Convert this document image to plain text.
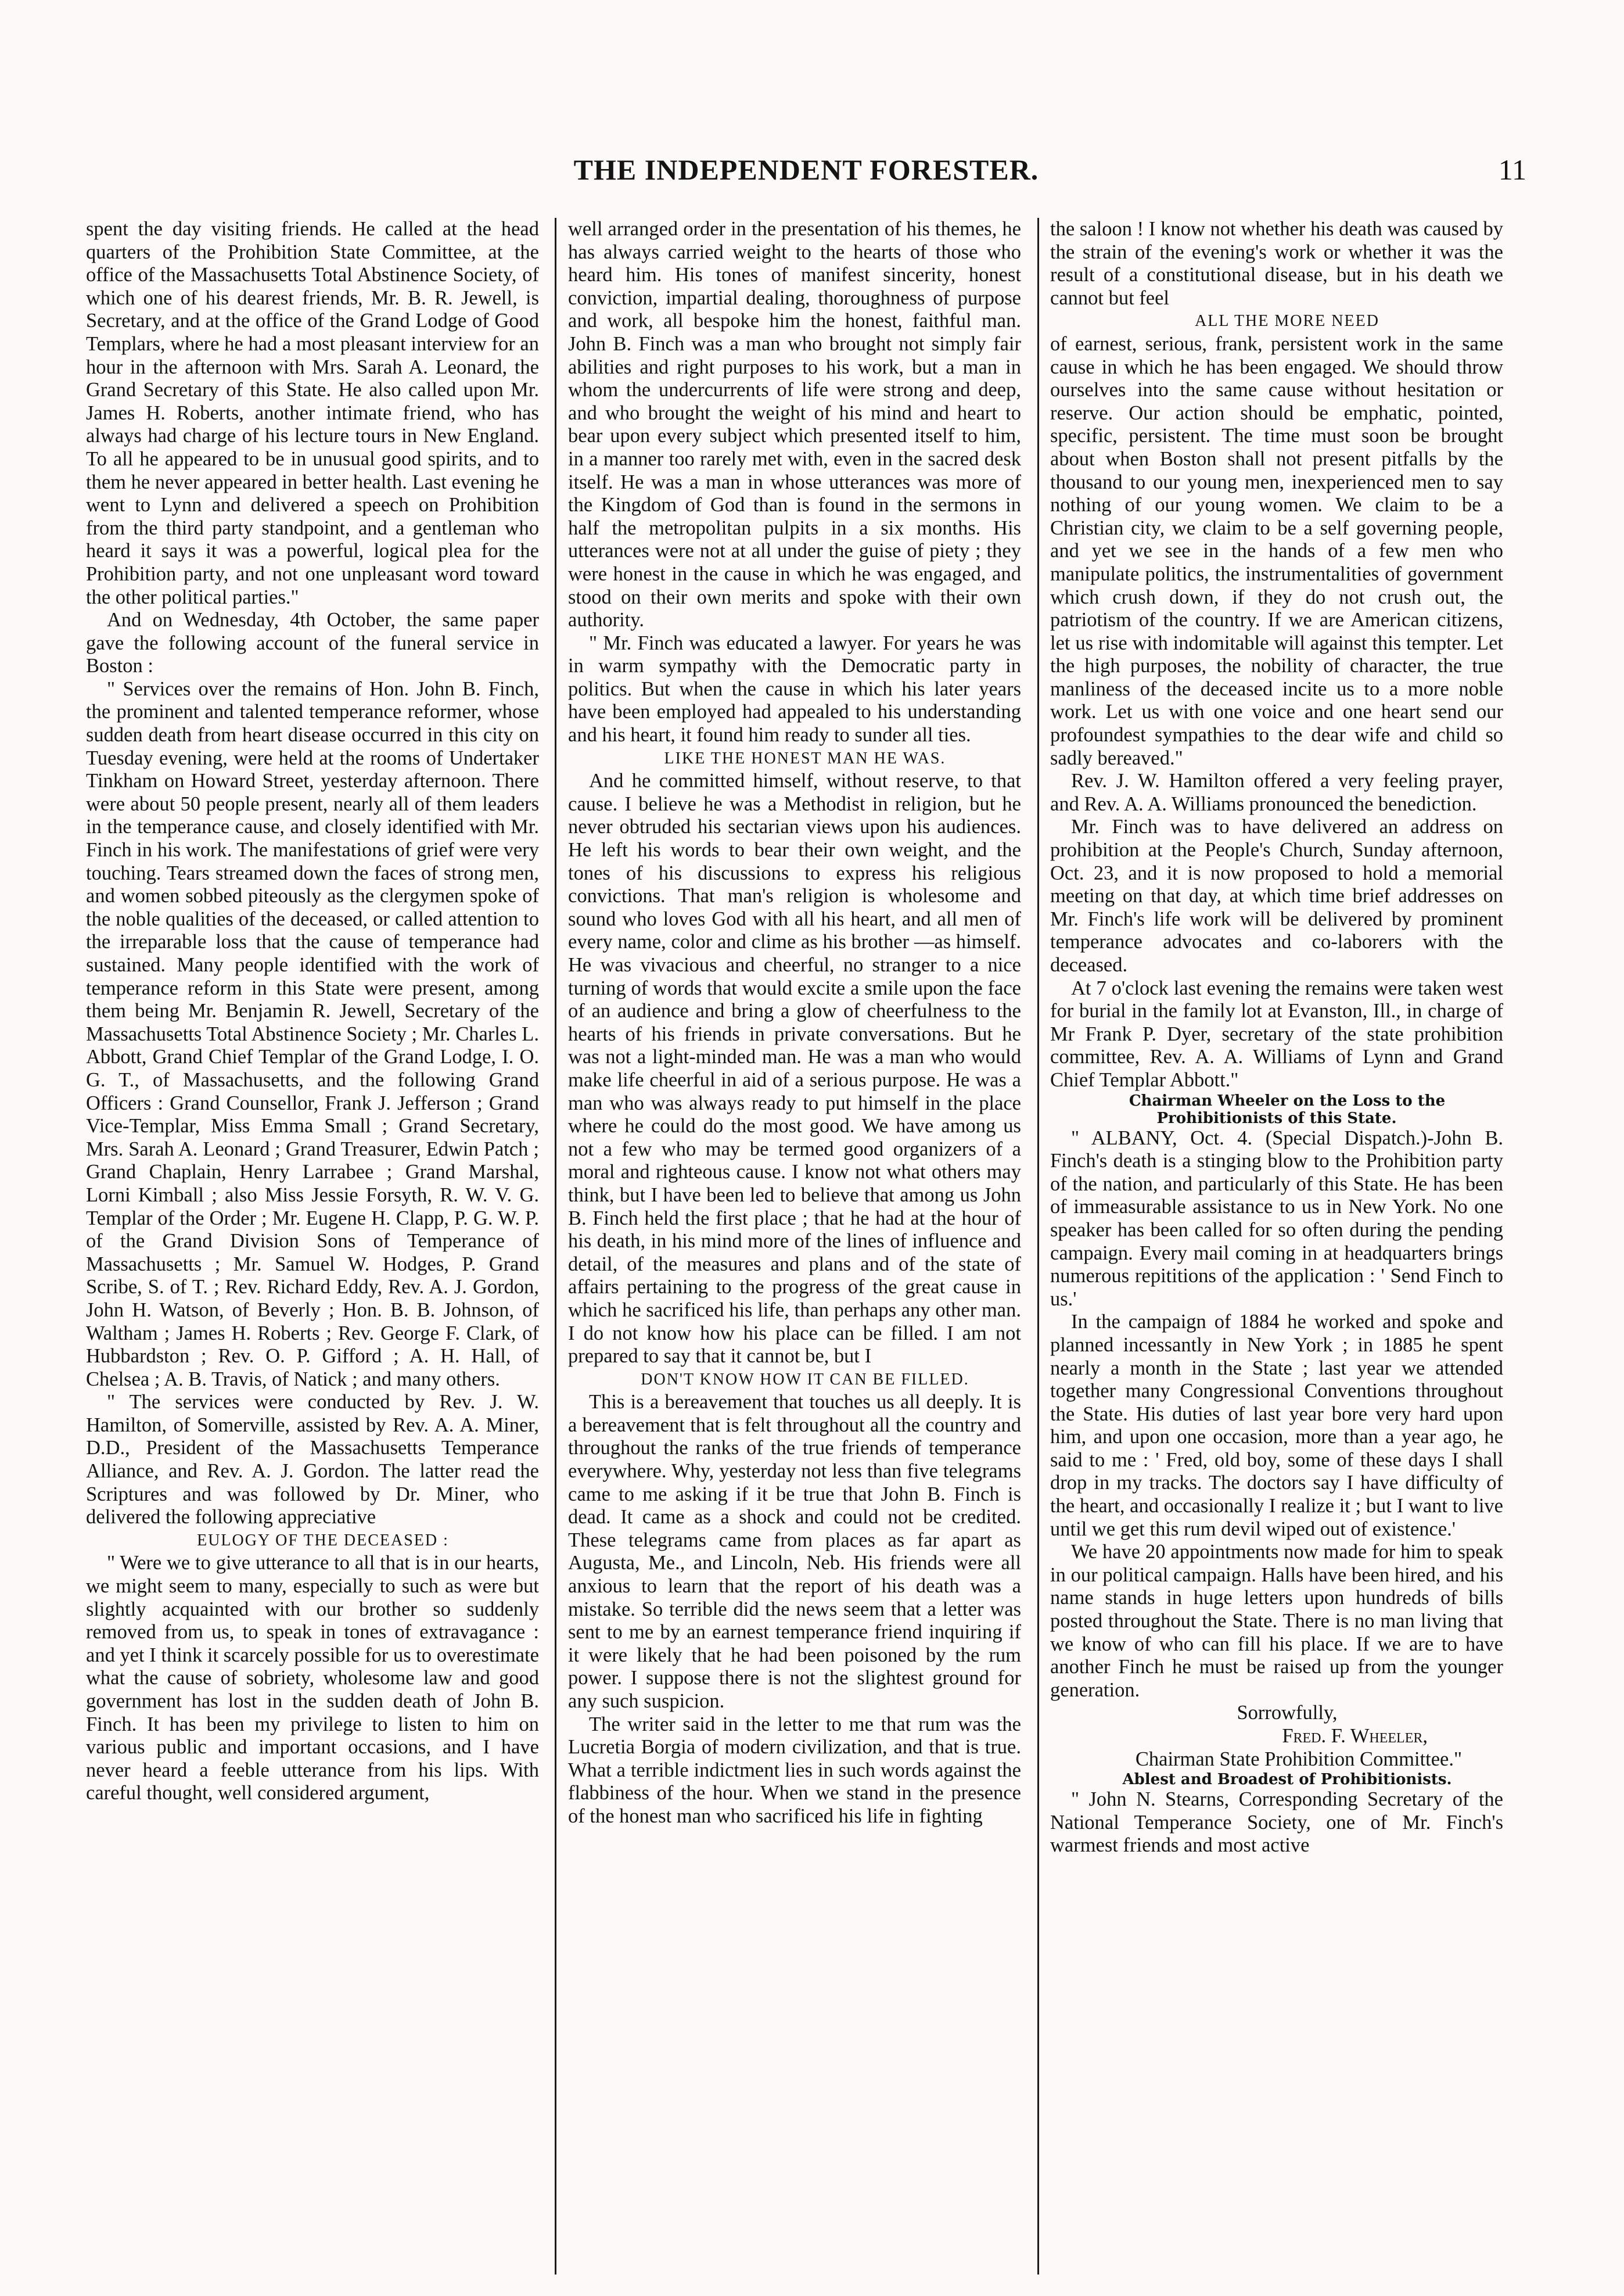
THE INDEPENDENT FORESTER.	11

spent the day visiting friends. He called at the head quarters of the Prohibition State Committee, at the office of the Massachusetts Total Abstinence Society, of which one of his dearest friends, Mr. B. R. Jewell, is Secretary, and at the office of the Grand Lodge of Good Templars, where he had a most pleasant interview for an hour in the afternoon with Mrs. Sarah A. Leonard, the Grand Secretary of this State. He also called upon Mr. James H. Roberts, another intimate friend, who has always had charge of his lecture tours in New England. To all he appeared to be in unusual good spirits, and to them he never appeared in better health. Last evening he went to Lynn and delivered a speech on Prohibition from the third party standpoint, and a gentleman who heard it says it was a powerful, logical plea for the Prohibition party, and not one unpleasant word toward the other political parties."

And on Wednesday, 4th October, the same paper gave the following account of the funeral service in Boston :

" Services over the remains of Hon. John B. Finch, the prominent and talented temperance reformer, whose sudden death from heart disease occurred in this city on Tuesday evening, were held at the rooms of Undertaker Tinkham on Howard Street, yesterday afternoon. There were about 50 people present, nearly all of them leaders in the temperance cause, and closely identified with Mr. Finch in his work. The manifestations of grief were very touching. Tears streamed down the faces of strong men, and women sobbed piteously as the clergymen spoke of the noble qualities of the deceased, or called attention to the irreparable loss that the cause of temperance had sustained. Many people identified with the work of temperance reform in this State were present, among them being Mr. Benjamin R. Jewell, Secretary of the Massachusetts Total Abstinence Society ; Mr. Charles L. Abbott, Grand Chief Templar of the Grand Lodge, I. O. G. T., of Massachusetts, and the following Grand Officers : Grand Counsellor, Frank J. Jefferson ; Grand Vice-Templar, Miss Emma Small ; Grand Secretary, Mrs. Sarah A. Leonard ; Grand Treasurer, Edwin Patch ; Grand Chaplain, Henry Larrabee ; Grand Marshal, Lorni Kimball ; also Miss Jessie Forsyth, R. W. V. G. Templar of the Order ; Mr. Eugene H. Clapp, P. G. W. P. of the Grand Division Sons of Temperance of Massachusetts ; Mr. Samuel W. Hodges, P. Grand Scribe, S. of T. ; Rev. Richard Eddy, Rev. A. J. Gordon, John H. Watson, of Beverly ; Hon. B. B. Johnson, of Waltham ; James H. Roberts ; Rev. George F. Clark, of Hubbardston ; Rev. O. P. Gifford ; A. H. Hall, of Chelsea ; A. B. Travis, of Natick ; and many others.

" The services were conducted by Rev. J. W. Hamilton, of Somerville, assisted by Rev. A. A. Miner, D.D., President of the Massachusetts Temperance Alliance, and Rev. A. J. Gordon. The latter read the Scriptures and was followed by Dr. Miner, who delivered the following appreciative

EULOGY OF THE DECEASED :

" Were we to give utterance to all that is in our hearts, we might seem to many, especially to such as were but slightly acquainted with our brother so suddenly removed from us, to speak in tones of extravagance : and yet I think it scarcely possible for us to overestimate what the cause of sobriety, wholesome law and good government has lost in the sudden death of John B. Finch. It has been my privilege to listen to him on various public and important occasions, and I have never heard a feeble utterance from his lips. With careful thought, well considered argument,

well arranged order in the presentation of his themes, he has always carried weight to the hearts of those who heard him. His tones of manifest sincerity, honest conviction, impartial dealing, thoroughness of purpose and work, all bespoke him the honest, faithful man. John B. Finch was a man who brought not simply fair abilities and right purposes to his work, but a man in whom the undercurrents of life were strong and deep, and who brought the weight of his mind and heart to bear upon every subject which presented itself to him, in a manner too rarely met with, even in the sacred desk itself. He was a man in whose utterances was more of the Kingdom of God than is found in the sermons in half the metropolitan pulpits in a six months. His utterances were not at all under the guise of piety ; they were honest in the cause in which he was engaged, and stood on their own merits and spoke with their own authority.

" Mr. Finch was educated a lawyer. For years he was in warm sympathy with the Democratic party in politics. But when the cause in which his later years have been employed had appealed to his understanding and his heart, it found him ready to sunder all ties.

LIKE THE HONEST MAN HE WAS.

And he committed himself, without reserve, to that cause. I believe he was a Methodist in religion, but he never obtruded his sectarian views upon his audiences. He left his words to bear their own weight, and the tones of his discussions to express his religious convictions. That man's religion is wholesome and sound who loves God with all his heart, and all men of every name, color and clime as his brother —as himself. He was vivacious and cheerful, no stranger to a nice turning of words that would excite a smile upon the face of an audience and bring a glow of cheerfulness to the hearts of his friends in private conversations. But he was not a light-minded man. He was a man who would make life cheerful in aid of a serious purpose. He was a man who was always ready to put himself in the place where he could do the most good. We have among us not a few who may be termed good organizers of a moral and righteous cause. I know not what others may think, but I have been led to believe that among us John B. Finch held the first place ; that he had at the hour of his death, in his mind more of the lines of influence and detail, of the measures and plans and of the state of affairs pertaining to the progress of the great cause in which he sacrificed his life, than perhaps any other man. I do not know how his place can be filled. I am not prepared to say that it cannot be, but I

DON'T KNOW HOW IT CAN BE FILLED.

This is a bereavement that touches us all deeply. It is a bereavement that is felt throughout all the country and throughout the ranks of the true friends of temperance everywhere. Why, yesterday not less than five telegrams came to me asking if it be true that John B. Finch is dead. It came as a shock and could not be credited. These telegrams came from places as far apart as Augusta, Me., and Lincoln, Neb. His friends were all anxious to learn that the report of his death was a mistake. So terrible did the news seem that a letter was sent to me by an earnest temperance friend inquiring if it were likely that he had been poisoned by the rum power. I suppose there is not the slightest ground for any such suspicion.

The writer said in the letter to me that rum was the Lucretia Borgia of modern civilization, and that is true. What a terrible indictment lies in such words against the flabbiness of the hour. When we stand in the presence of the honest man who sacrificed his life in fighting

the saloon ! I know not whether his death was caused by the strain of the evening's work or whether it was the result of a constitutional disease, but in his death we cannot but feel

ALL THE MORE NEED

of earnest, serious, frank, persistent work in the same cause in which he has been engaged. We should throw ourselves into the same cause without hesitation or reserve. Our action should be emphatic, pointed, specific, persistent. The time must soon be brought about when Boston shall not present pitfalls by the thousand to our young men, inexperienced men to say nothing of our young women. We claim to be a Christian city, we claim to be a self governing people, and yet we see in the hands of a few men who manipulate politics, the instrumentalities of government which crush down, if they do not crush out, the patriotism of the country. If we are American citizens, let us rise with indomitable will against this tempter. Let the high purposes, the nobility of character, the true manliness of the deceased incite us to a more noble work. Let us with one voice and one heart send our profoundest sympathies to the dear wife and child so sadly bereaved."

Rev. J. W. Hamilton offered a very feeling prayer, and Rev. A. A. Williams pronounced the benediction.

Mr. Finch was to have delivered an address on prohibition at the People's Church, Sunday afternoon, Oct. 23, and it is now proposed to hold a memorial meeting on that day, at which time brief addresses on Mr. Finch's life work will be delivered by prominent temperance advocates and co-laborers with the deceased.

At 7 o'clock last evening the remains were taken west for burial in the family lot at Evanston, Ill., in charge of Mr Frank P. Dyer, secretary of the state prohibition committee, Rev. A. A. Williams of Lynn and Grand Chief Templar Abbott."

Chairman Wheeler on the Loss to the Prohibitionists of this State.

" ALBANY, Oct. 4. (Special Dispatch.)-John B. Finch's death is a stinging blow to the Prohibition party of the nation, and particularly of this State. He has been of immeasurable assistance to us in New York. No one speaker has been called for so often during the pending campaign. Every mail coming in at headquarters brings numerous repititions of the application : ' Send Finch to us.'

In the campaign of 1884 he worked and spoke and planned incessantly in New York ; in 1885 he spent nearly a month in the State ; last year we attended together many Congressional Conventions throughout the State. His duties of last year bore very hard upon him, and upon one occasion, more than a year ago, he said to me : ' Fred, old boy, some of these days I shall drop in my tracks. The doctors say I have difficulty of the heart, and occasionally I realize it ; but I want to live until we get this rum devil wiped out of existence.'

We have 20 appointments now made for him to speak in our political campaign. Halls have been hired, and his name stands in huge letters upon hundreds of bills posted throughout the State. There is no man living that we know of who can fill his place. If we are to have another Finch he must be raised up from the younger generation.

Sorrowfully,

Fred. F. Wheeler,

Chairman State Prohibition Committee."

Ablest and Broadest of Prohibitionists.

" John N. Stearns, Corresponding Secretary of the National Temperance Society, one of Mr. Finch's warmest friends and most active
